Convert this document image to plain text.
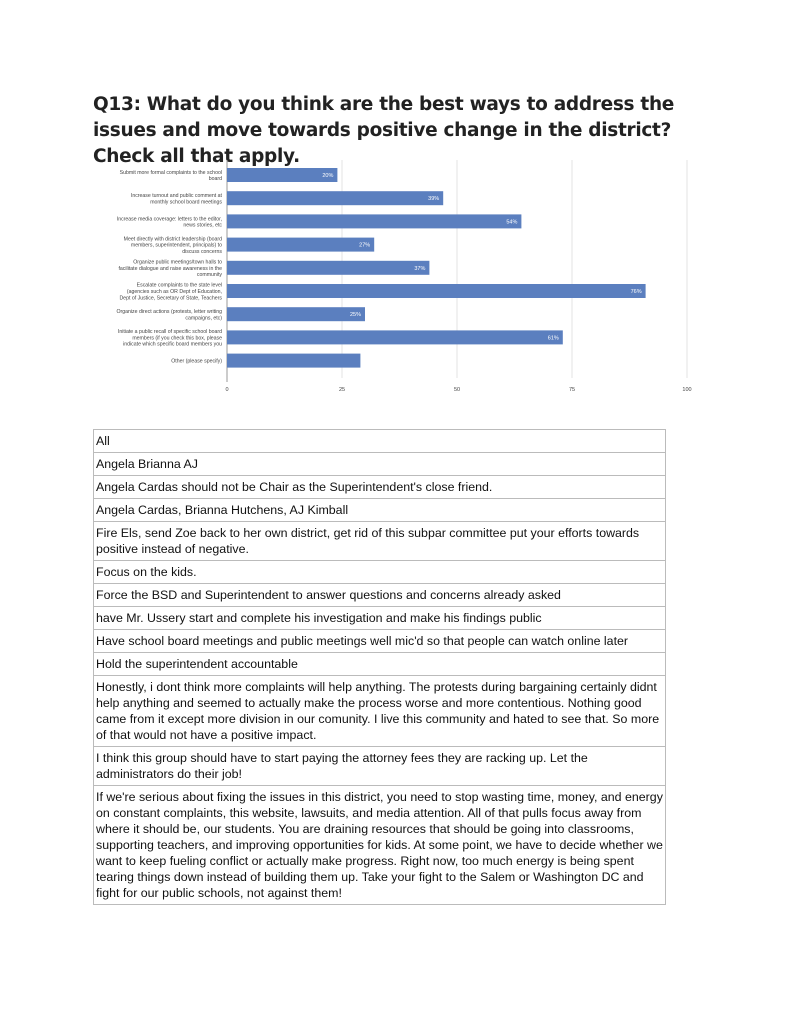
Q13: What do you think are the best ways to address the issues and move towards positive change in the district? Check all that apply.
0	25	50	75	100
20%
Submit more formal complaints to the school
board
39%
Increase turnout and public comment at
monthly school board meetings
54%
Increase media coverage: letters to the editor,
news stories, etc
27%
Meet directly with district leadership (board
members, superintendent, principals) to
discuss concerns
37%
Organize public meetings/town halls to
facilitate dialogue and raise awareness in the
community
76%
Escalate complaints to the state level
(agencies such as OR Dept of Education,
Dept of Justice, Secretary of State, Teachers
25%
Organize direct actions (protests, letter writing
campaigns, etc)
61%
Initiate a public recall of specific school board
members (if you check this box, please
indicate which specific board members you
Other (please specify)
All
Angela Brianna AJ
Angela Cardas should not be Chair as the Superintendent's close friend.
Angela Cardas, Brianna Hutchens, AJ Kimball
Fire Els, send Zoe back to her own district, get rid of this subpar committee put your efforts towards positive instead of negative.
Focus on the kids.
Force the BSD and Superintendent to answer questions and concerns already asked
have Mr. Ussery start and complete his investigation and make his findings public
Have school board meetings and public meetings well mic'd so that people can watch online later
Hold the superintendent accountable
Honestly, i dont think more complaints will help anything. The protests during bargaining certainly didnt help anything and seemed to actually make the process worse and more contentious. Nothing good came from it except more division in our comunity. I live this community and hated to see that. So more of that would not have a positive impact.
I think this group should have to start paying the attorney fees they are racking up. Let the administrators do their job!
If we're serious about fixing the issues in this district, you need to stop wasting time, money, and energy on constant complaints, this website, lawsuits, and media attention. All of that pulls focus away from where it should be, our students. You are draining resources that should be going into classrooms, supporting teachers, and improving opportunities for kids. At some point, we have to decide whether we want to keep fueling conflict or actually make progress. Right now, too much energy is being spent tearing things down instead of building them up. Take your fight to the Salem or Washington DC and fight for our public schools, not against them!
